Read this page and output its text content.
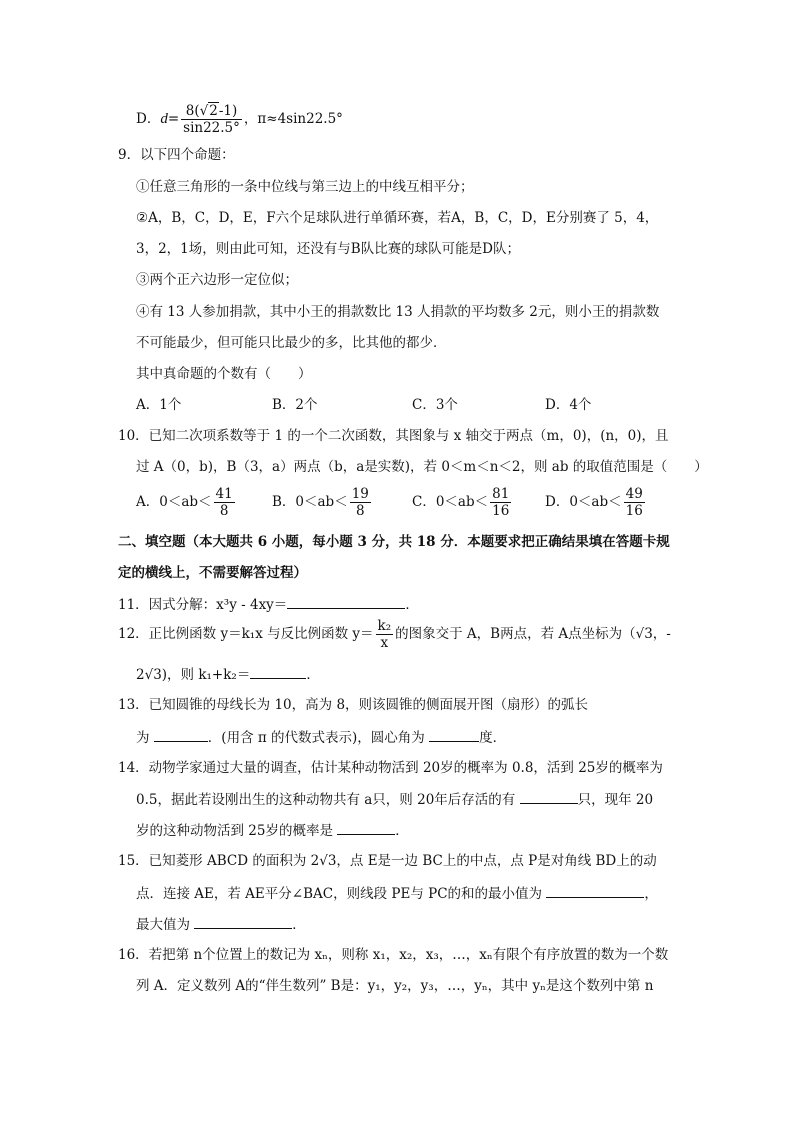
D．$d= \frac{8(√2-1)}{\sin 22.5^\circ}$ ，π≈4sin22.5°
9．以下四个命题：
①任意三角形的一条中位线与第三边上的中线互相平分；
②A，B，C，D，E，F六个足球队进行单循环赛，若A，B，C，D，E分别赛了 5，4，
3，2，1场，则由此可知，还没有与B队比赛的球队可能是D队；
③两个正六边形一定位似；
④有 13 人参加捐款，其中小王的捐款数比 13 人捐款的平均数多 2元，则小王的捐款数
不可能最少，但可能只比最少的多，比其他的都少．
其中真命题的个数有（　　）
A．1个	B．2个	C．3个	D．4个
10．已知二次项系数等于 1 的一个二次函数，其图象与 x 轴交于两点（m，0)，(n，0)，且
过 A（0，b)，B（3，a）两点（b，a是实数)，若 0＜m＜n＜2，则 ab 的取值范围是（　　）
A．$0<ab< \frac{41}{8}$	B．$0<ab< \frac{19}{8}$	C．$0<ab< \frac{81}{16}$ D．$0<ab< \frac{49}{16}$
二、填空题（本大题共 6 小题，每小题 3 分，共 18 分．本题要求把正确结果填在答题卡规
定的横线上，不需要解答过程）
11．因式分解：x³y - 4xy＝	．
12．正比例函数 y＝k₁x 与反比例函数 $y= \frac{\text{k₂}}{x}$ 的图象交于 A，B两点，若 A点坐标为（√3，-
2√3)，则 k₁+k₂＝	．
13．已知圆锥的母线长为 10，高为 8，则该圆锥的侧面展开图（扇形）的弧长
为	．(用含 π 的代数式表示)，圆心角为	度．
14．动物学家通过大量的调查，估计某种动物活到 20岁的概率为 0.8，活到 25岁的概率为
0.5，据此若设刚出生的这种动物共有 a只，则 20年后存活的有	只，现年 20
岁的这种动物活到 25岁的概率是	．
15．已知菱形 ABCD 的面积为 2√3，点 E是一边 BC上的中点，点 P是对角线 BD上的动
点．连接 AE，若 AE平分∠BAC，则线段 PE与 PC的和的最小值为	，
最大值为	．
16．若把第 n个位置上的数记为 xₙ，则称 x₁，x₂，x₃，…，xₙ有限个有序放置的数为一个数
列 A．定义数列 A的“伴生数列” B是：y₁，y₂，y₃，…，yₙ，其中 yₙ是这个数列中第 n
